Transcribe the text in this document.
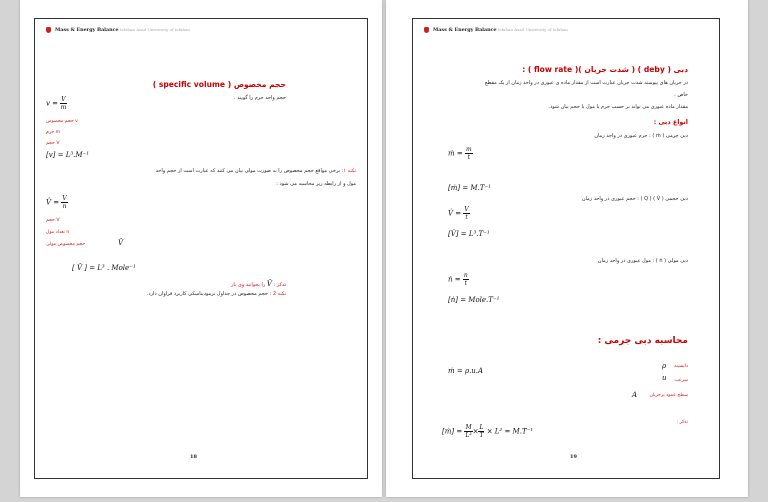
Mass & Energy Balance Isfahan Azad University of Isfahan
حجم مخصوص ( specific volume )
حجم واحد جرم را گویند .
$v = \frac{V}{m}$
حجم مخصوص v
جرم m
حجم V
[v] = L³.M⁻¹
نکته ۱: برخی مواقع حجم مخصوص را به صورت مولی بیان می کنند که عبارت است از حجم واحد
مول و از رابطه زیر محاسبه می شود :
V̂ = $\frac{V}{n}$
حجم V
تعداد مول n
حجم مخصوص مولی	V̂
[ V̂ ] = L³ . Mole⁻¹
تذکر : V̂ را بخوانید وی بار
نکته 2 : حجم مخصوص در جداول ترمودینامیکی کاربرد فراوان دارد.
18
Mass & Energy Balance Isfahan Azad University of Isfahan
دبی ( deby ) ( شدت جریان )( flow rate ) :
در جریان های پیوسته شدت جریان عبارت است از مقدار ماده ی عبوری در واحد زمان از یک مقطع
خاص .
مقدار ماده عبوری می تواند بر حسب جرم یا مول یا حجم بیان شود.
انواع دبی :
دبی جرمی ( ṁ ) : جرم عبوری در واحد زمان
ṁ = $\frac{m}{t}$
[ṁ] = M.T⁻¹
دبی حجمی ( V̇ ) ( Q ) : حجم عبوری در واحد زمان
V̇ = $\frac{V}{t}$
[V̇] = L³.T⁻¹
دبی مولی ( ṅ ) : مول عبوری در واحد زمان
ṅ = $\frac{n}{t}$
[ṅ] = Mole.T⁻¹
محاسبه دبی جرمی :
ṁ = ρ.u.A
ρ
u
A
دانسیته
سرعت
سطح عمود برجریان
تذکر :
[ṁ] = $\frac{M}{\text{L³}} \times \frac{L}{T} \times L^2 = M.T^{-1}$
19
